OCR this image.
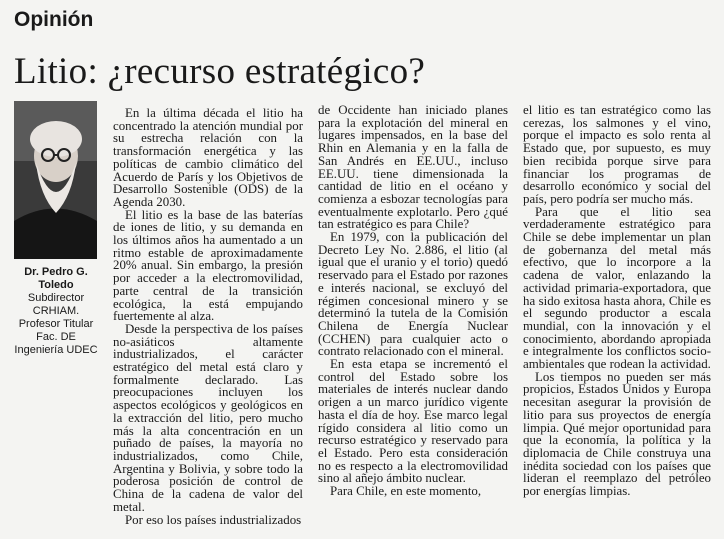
Opinión
Litio: ¿recurso estratégico?
Dr. Pedro G. Toledo
Subdirector CRHIAM.
Profesor Titular Fac. DE Ingeniería UDEC

En la última década el litio ha concentrado la atención mundial por su estrecha relación con la transformación energética y las políticas de cambio climático del Acuerdo de París y los Objetivos de Desarrollo Sostenible (ODS) de la Agenda 2030.

El litio es la base de las baterías de iones de litio, y su demanda en los últimos años ha aumentado a un ritmo estable de aproximadamente 20% anual. Sin embargo, la presión por acceder a la electromovilidad, parte central de la transición ecológica, la está empujando fuertemente al alza.

Desde la perspectiva de los países no-asiáticos altamente industrializados, el carácter estratégico del metal está claro y formalmente declarado. Las preocupaciones incluyen los aspectos ecológicos y geológicos en la extracción del litio, pero mucho más la alta concentración en un puñado de países, la mayoría no industrializados, como Chile, Argentina y Bolivia, y sobre todo la poderosa posición de control de China de la cadena de valor del metal.

Por eso los países industrializados

de Occidente han iniciado planes para la explotación del mineral en lugares impensados, en la base del Rhin en Alemania y en la falla de San Andrés en EE.UU., incluso EE.UU. tiene dimensionada la cantidad de litio en el océano y comienza a esbozar tecnologías para eventualmente explotarlo. Pero ¿qué tan estratégico es para Chile?

En 1979, con la publicación del Decreto Ley No. 2.886, el litio (al igual que el uranio y el torio) quedó reservado para el Estado por razones e interés nacional, se excluyó del régimen concesional minero y se determinó la tutela de la Comisión Chilena de Energía Nuclear (CCHEN) para cualquier acto o contrato relacionado con el mineral.

En esta etapa se incrementó el control del Estado sobre los materiales de interés nuclear dando origen a un marco jurídico vigente hasta el día de hoy. Ese marco legal rígido considera al litio como un recurso estratégico y reservado para el Estado. Pero esta consideración no es respecto a la electromovilidad sino al añejo ámbito nuclear.

Para Chile, en este momento,

el litio es tan estratégico como las cerezas, los salmones y el vino, porque el impacto es solo renta al Estado que, por supuesto, es muy bien recibida porque sirve para financiar los programas de desarrollo económico y social del país, pero podría ser mucho más.

Para que el litio sea verdaderamente estratégico para Chile se debe implementar un plan de gobernanza del metal más efectivo, que lo incorpore a la cadena de valor, enlazando la actividad primaria-exportadora, que ha sido exitosa hasta ahora, Chile es el segundo productor a escala mundial, con la innovación y el conocimiento, abordando apropiada e integralmente los conflictos socio-ambientales que rodean la actividad.

Los tiempos no pueden ser más propicios, Estados Unidos y Europa necesitan asegurar la provisión de litio para sus proyectos de energía limpia. Qué mejor oportunidad para que la economía, la política y la diplomacia de Chile construya una inédita sociedad con los países que lideran el reemplazo del petróleo por energías limpias.
